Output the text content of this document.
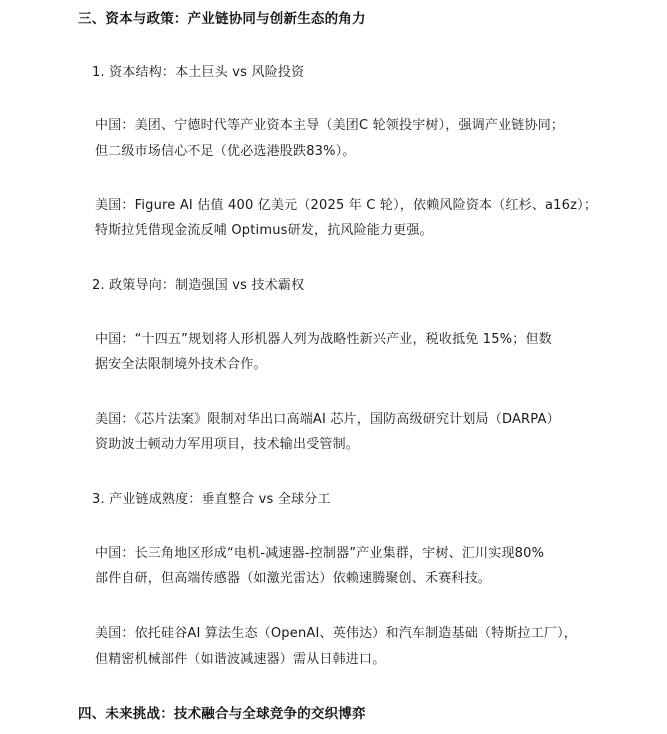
三、资本与政策：产业链协同与创新生态的角力

1. 资本结构：本土巨头 vs 风险投资

中国：美团、宁德时代等产业资本主导（美团C 轮领投宇树），强调产业链协同；

但二级市场信心不足（优必选港股跌83%）。

美国：Figure AI 估值 400 亿美元（2025 年 C 轮），依赖风险资本（红杉、a16z）；

特斯拉凭借现金流反哺 Optimus研发，抗风险能力更强。

2. 政策导向：制造强国 vs 技术霸权

中国：“十四五”规划将人形机器人列为战略性新兴产业，税收抵免 15%；但数

据安全法限制境外技术合作。

美国：《芯片法案》限制对华出口高端AI 芯片，国防高级研究计划局（DARPA）

资助波士顿动力军用项目，技术输出受管制。

3. 产业链成熟度：垂直整合 vs 全球分工

中国：长三角地区形成“电机-减速器-控制器”产业集群，宇树、汇川实现80%

部件自研，但高端传感器（如激光雷达）依赖速腾聚创、禾赛科技。

美国：依托硅谷AI 算法生态（OpenAI、英伟达）和汽车制造基础（特斯拉工厂），

但精密机械部件（如谐波减速器）需从日韩进口。

四、未来挑战：技术融合与全球竞争的交织博弈
